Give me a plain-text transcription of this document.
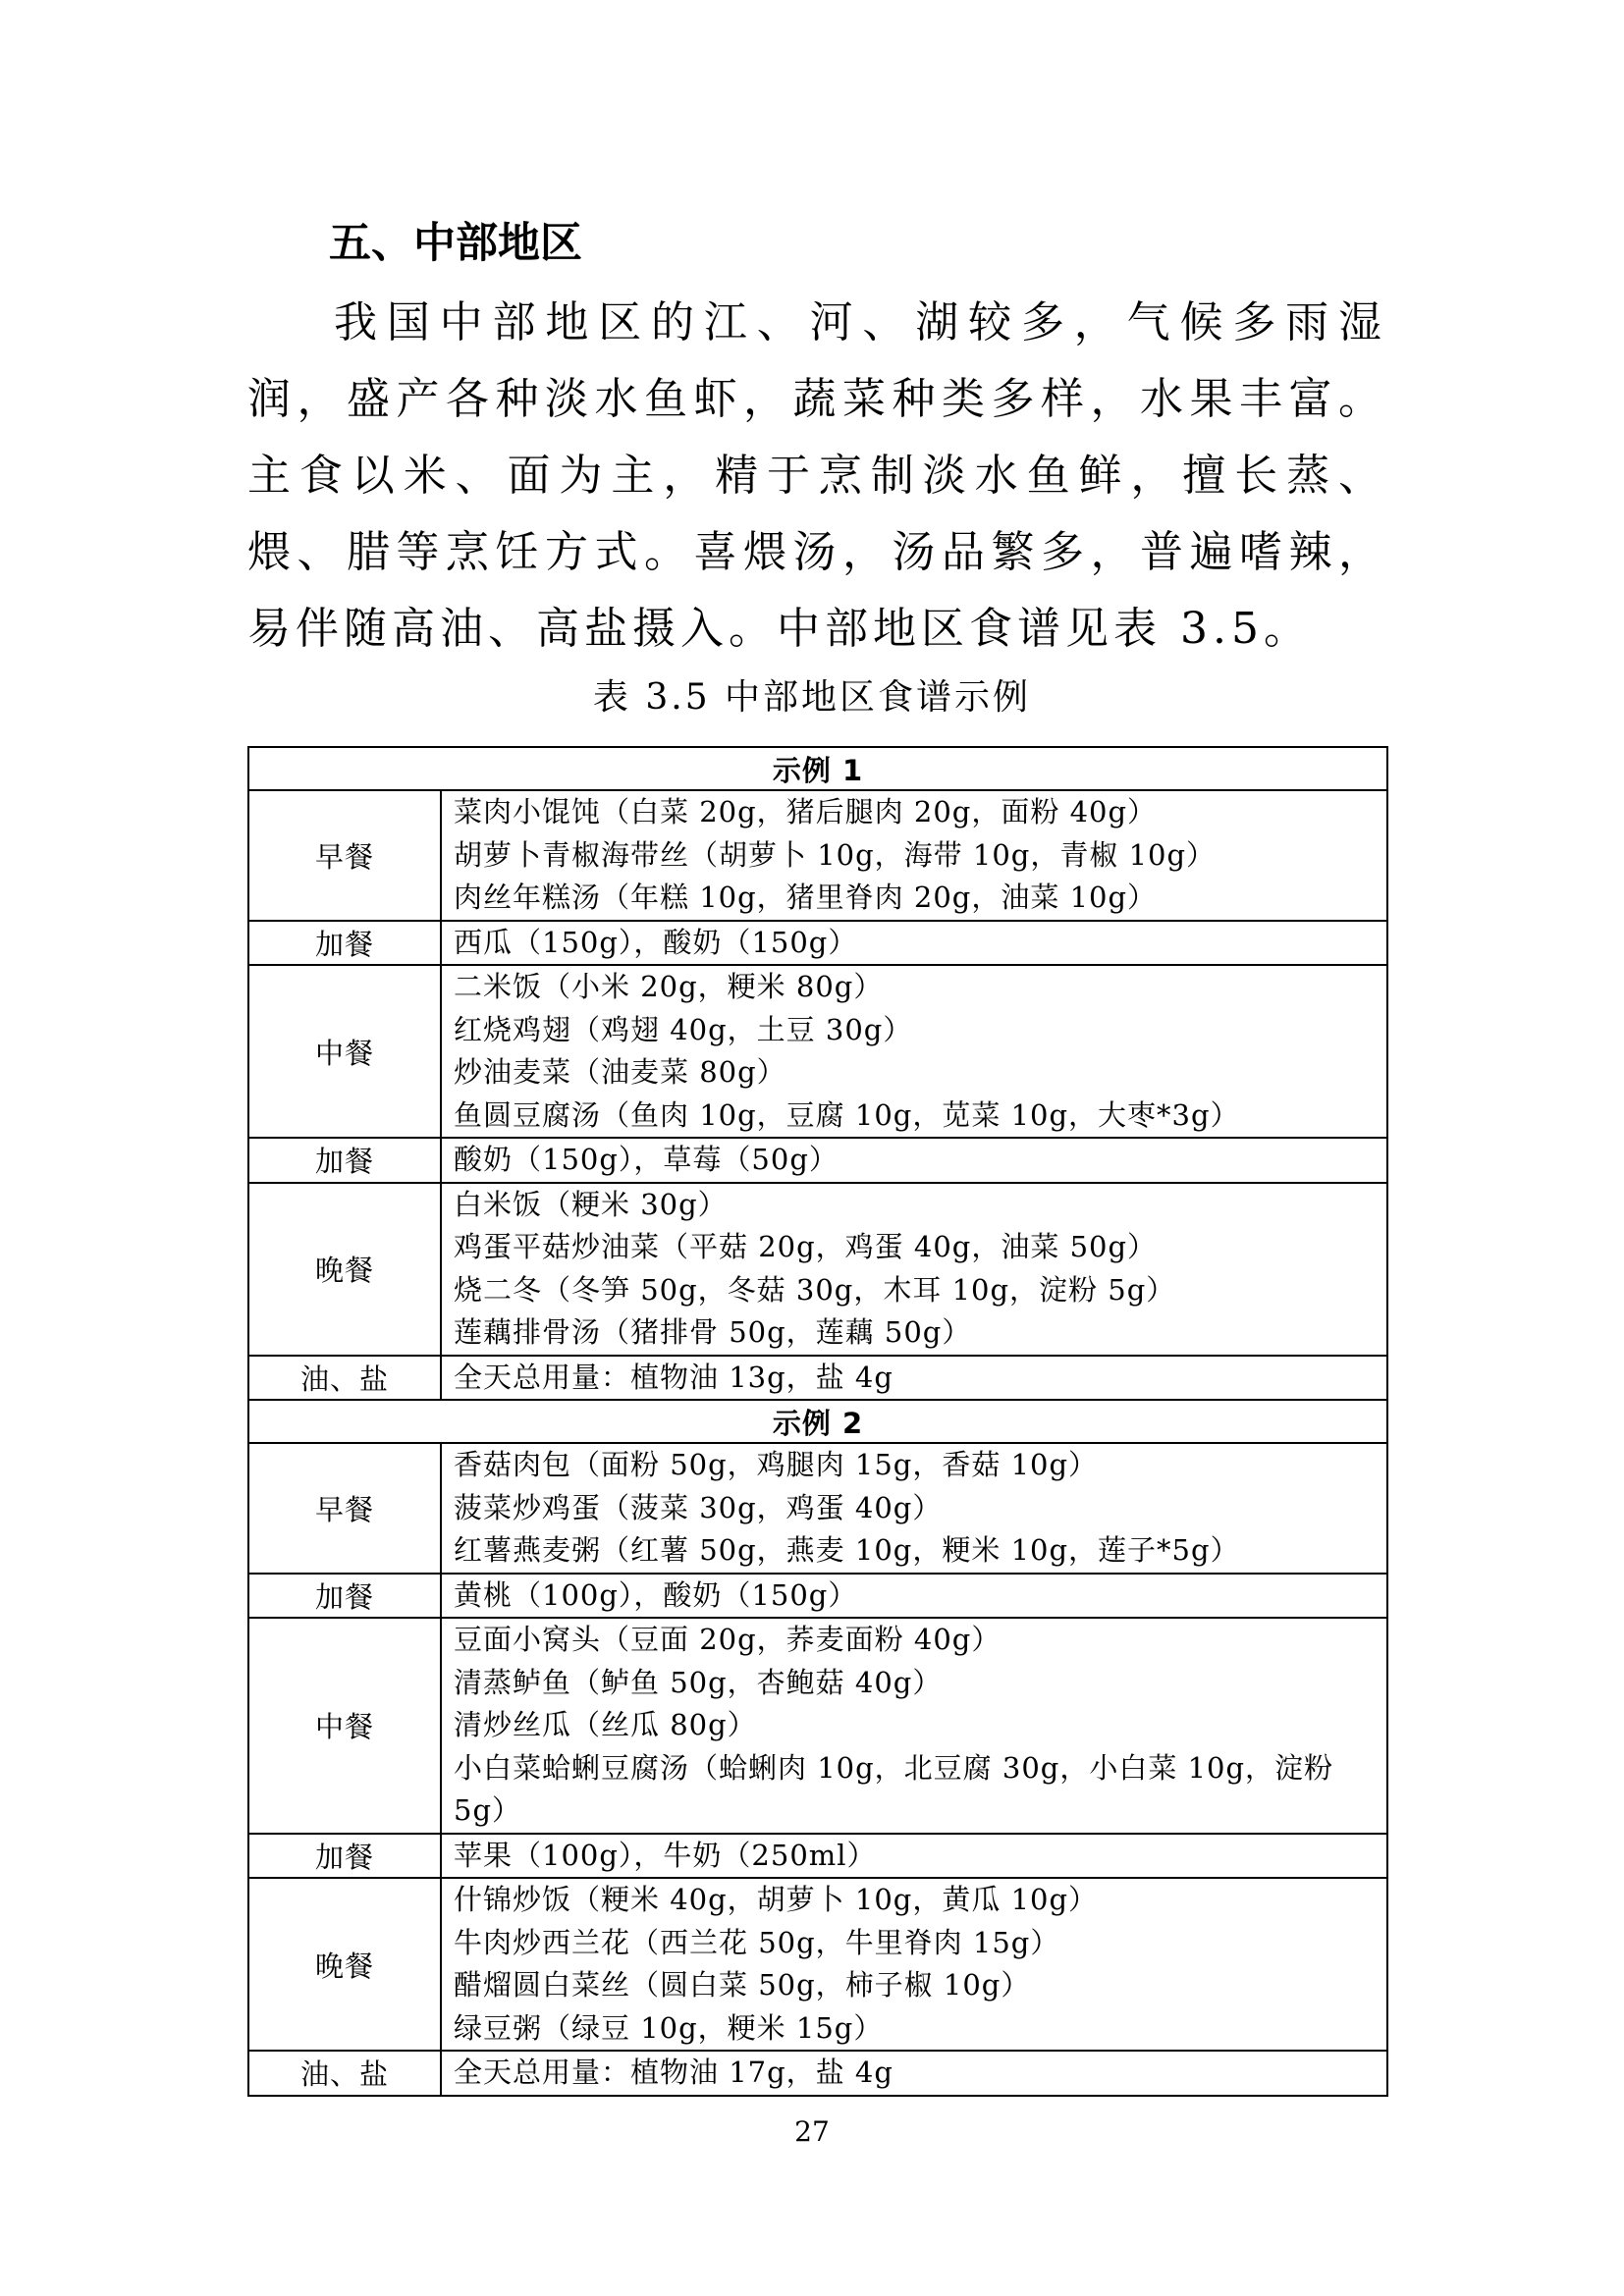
五、中部地区

我国中部地区的江、河、湖较多，气候多雨湿润，盛产各种淡水鱼虾，蔬菜种类多样，水果丰富。主食以米、面为主，精于烹制淡水鱼鲜，擅长蒸、煨、腊等烹饪方式。喜煨汤，汤品繁多，普遍嗜辣，易伴随高油、高盐摄入。中部地区食谱见表 3.5。

表 3.5 中部地区食谱示例

示例 1	
早餐	菜肉小馄饨（白菜 20g，猪后腿肉 20g，面粉 40g）
胡萝卜青椒海带丝（胡萝卜 10g，海带 10g，青椒 10g）
肉丝年糕汤（年糕 10g，猪里脊肉 20g，油菜 10g）

加餐	西瓜（150g），酸奶（150g）

中餐	二米饭（小米 20g，粳米 80g）
红烧鸡翅（鸡翅 40g，土豆 30g）
炒油麦菜（油麦菜 80g）
鱼圆豆腐汤（鱼肉 10g，豆腐 10g，苋菜 10g，大枣*3g）

加餐	酸奶（150g），草莓（50g）

晚餐	白米饭（粳米 30g）
鸡蛋平菇炒油菜（平菇 20g，鸡蛋 40g，油菜 50g）
烧二冬（冬笋 50g，冬菇 30g，木耳 10g，淀粉 5g）
莲藕排骨汤（猪排骨 50g，莲藕 50g）

油、盐	全天总用量：植物油 13g，盐 4g

示例 2	
早餐	香菇肉包（面粉 50g，鸡腿肉 15g，香菇 10g）
菠菜炒鸡蛋（菠菜 30g，鸡蛋 40g）
红薯燕麦粥（红薯 50g，燕麦 10g，粳米 10g，莲子*5g）

加餐	黄桃（100g），酸奶（150g）

中餐	豆面小窝头（豆面 20g，荞麦面粉 40g）
清蒸鲈鱼（鲈鱼 50g，杏鲍菇 40g）
清炒丝瓜（丝瓜 80g）
小白菜蛤蜊豆腐汤（蛤蜊肉 10g，北豆腐 30g，小白菜 10g，淀粉 5g）

加餐	苹果（100g），牛奶（250ml）

晚餐	什锦炒饭（粳米 40g，胡萝卜 10g，黄瓜 10g）
牛肉炒西兰花（西兰花 50g，牛里脊肉 15g）
醋熘圆白菜丝（圆白菜 50g，柿子椒 10g）
绿豆粥（绿豆 10g，粳米 15g）

油、盐	全天总用量：植物油 17g，盐 4g

27
